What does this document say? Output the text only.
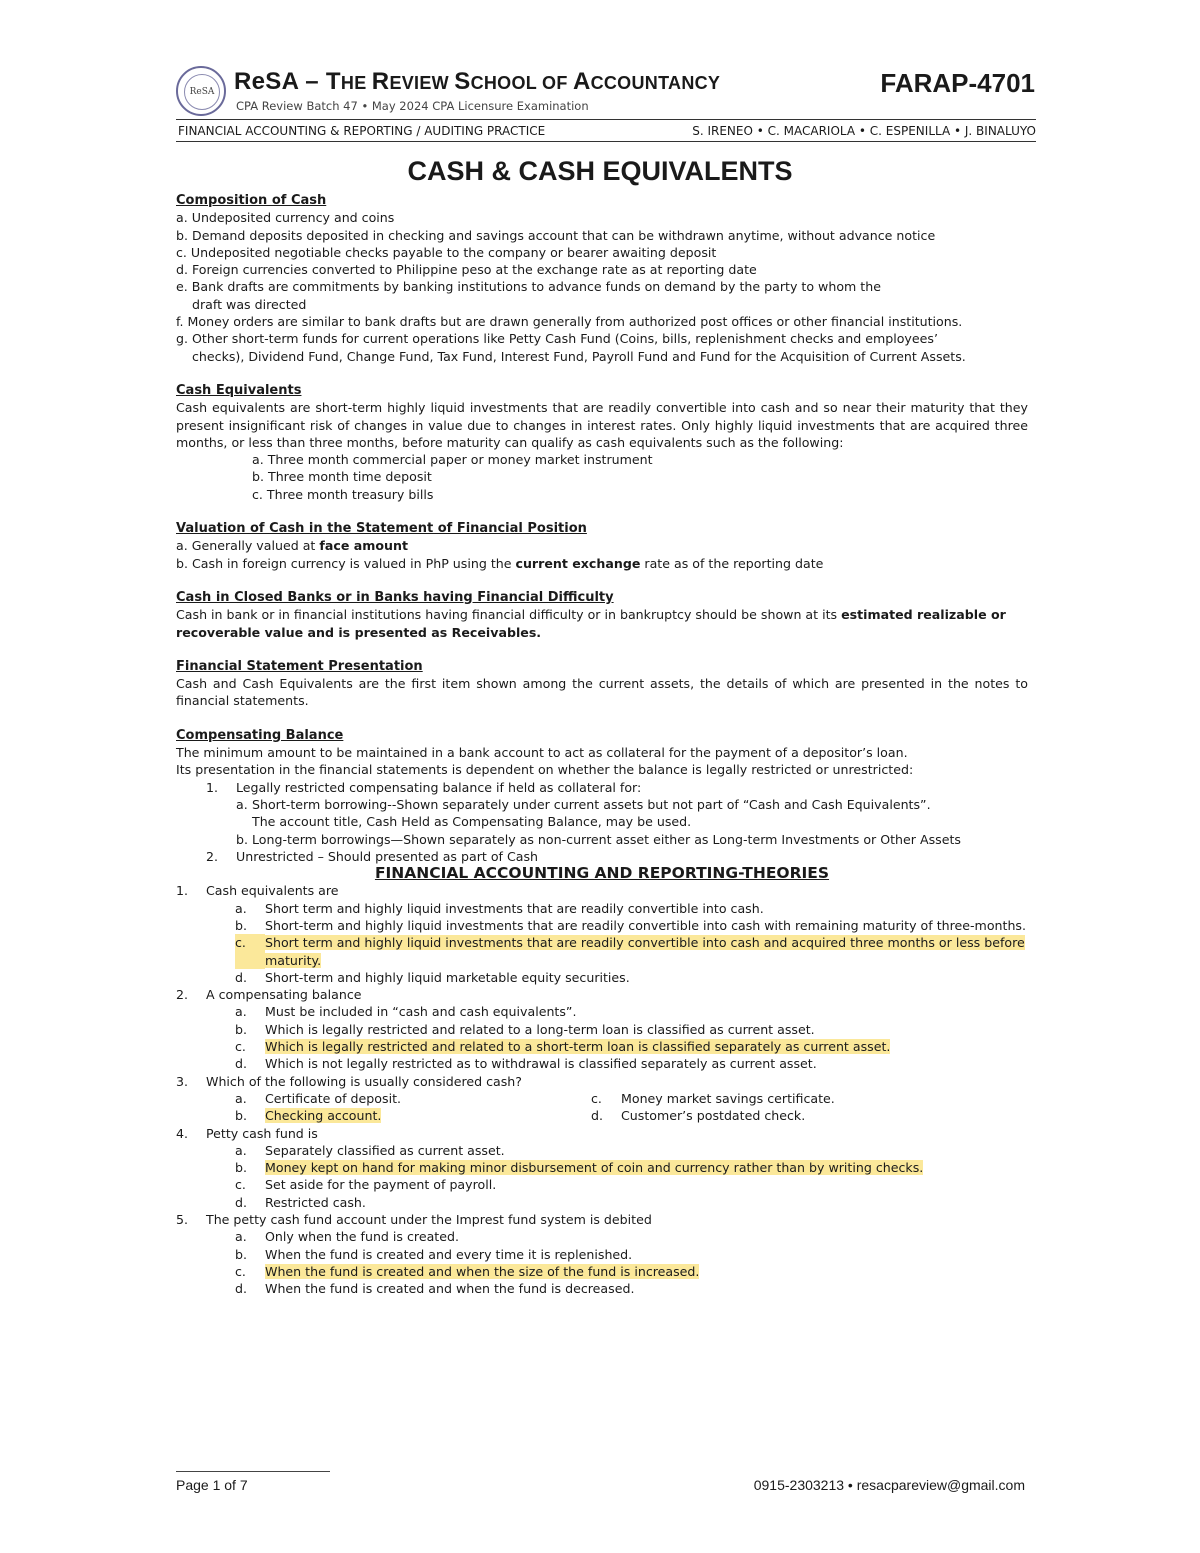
ReSA ReSA – THE REVIEW SCHOOL OF ACCOUNTANCY
CPA Review Batch 47 • May 2024 CPA Licensure Examination
FARAP-4701
FINANCIAL ACCOUNTING & REPORTING / AUDITING PRACTICE	S. IRENEO • C. MACARIOLA • C. ESPENILLA • J. BINALUYO
CASH & CASH EQUIVALENTS

Composition of Cash

a. Undeposited currency and coins

b. Demand deposits deposited in checking and savings account that can be withdrawn anytime, without advance notice

c. Undeposited negotiable checks payable to the company or bearer awaiting deposit

d. Foreign currencies converted to Philippine peso at the exchange rate as at reporting date

e. Bank drafts are commitments by banking institutions to advance funds on demand by the party to whom the draft was directed

f. Money orders are similar to bank drafts but are drawn generally from authorized post offices or other financial institutions.

g. Other short-term funds for current operations like Petty Cash Fund (Coins, bills, replenishment checks and employees’ checks), Dividend Fund, Change Fund, Tax Fund, Interest Fund, Payroll Fund and Fund for the Acquisition of Current Assets.

Cash Equivalents

Cash equivalents are short-term highly liquid investments that are readily convertible into cash and so near their maturity that they present insignificant risk of changes in value due to changes in interest rates. Only highly liquid investments that are acquired three months, or less than three months, before maturity can qualify as cash equivalents such as the following:

a. Three month commercial paper or money market instrument

b. Three month time deposit

c. Three month treasury bills

Valuation of Cash in the Statement of Financial Position

a. Generally valued at face amount

b. Cash in foreign currency is valued in PhP using the current exchange rate as of the reporting date

Cash in Closed Banks or in Banks having Financial Difficulty

Cash in bank or in financial institutions having financial difficulty or in bankruptcy should be shown at its estimated realizable or recoverable value and is presented as Receivables.

Financial Statement Presentation

Cash and Cash Equivalents are the first item shown among the current assets, the details of which are presented in the notes to financial statements.

Compensating Balance

The minimum amount to be maintained in a bank account to act as collateral for the payment of a depositor’s loan.

Its presentation in the financial statements is dependent on whether the balance is legally restricted or unrestricted:

1.	Legally restricted compensating balance if held as collateral for:
a. Short-term borrowing--Shown separately under current assets but not part of “Cash and Cash Equivalents”. The account title, Cash Held as Compensating Balance, may be used.
b. Long-term borrowings—Shown separately as non-current asset either as Long-term Investments or Other Assets
2.	Unrestricted – Should presented as part of Cash

FINANCIAL ACCOUNTING AND REPORTING-THEORIES

1.	Cash equivalents are
a.	Short term and highly liquid investments that are readily convertible into cash.
b.	Short-term and highly liquid investments that are readily convertible into cash with remaining maturity of three-months.
c.	Short term and highly liquid investments that are readily convertible into cash and acquired three months or less before maturity.
d.	Short-term and highly liquid marketable equity securities.
2.	A compensating balance
a.	Must be included in “cash and cash equivalents”.
b.	Which is legally restricted and related to a long-term loan is classified as current asset.
c.	Which is legally restricted and related to a short-term loan is classified separately as current asset.
d.	Which is not legally restricted as to withdrawal is classified separately as current asset.
3.	Which of the following is usually considered cash?
a.	Certificate of deposit.	c.	Money market savings certificate.
b.	Checking account.	d.	Customer’s postdated check.
4.	Petty cash fund is
a.	Separately classified as current asset.
b.	Money kept on hand for making minor disbursement of coin and currency rather than by writing checks.
c.	Set aside for the payment of payroll.
d.	Restricted cash.
5.	The petty cash fund account under the Imprest fund system is debited
a.	Only when the fund is created.
b.	When the fund is created and every time it is replenished.
c.	When the fund is created and when the size of the fund is increased.
d.	When the fund is created and when the fund is decreased.
Page 1 of 7	0915-2303213 • resacpareview@gmail.com
